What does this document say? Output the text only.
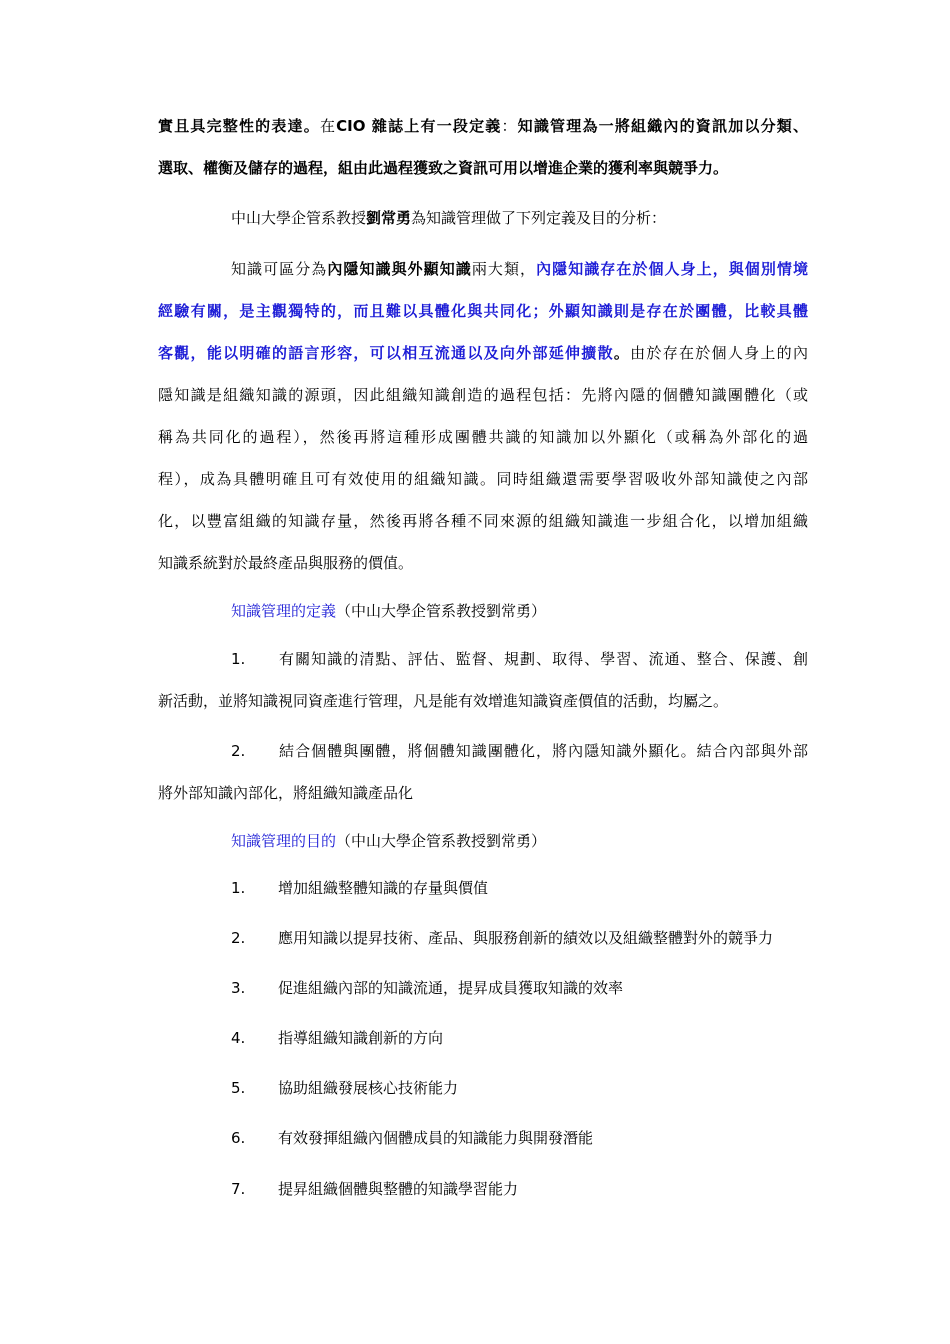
實且具完整性的表達。在CIO 雜誌上有一段定義：知識管理為一將組織內的資訊加以分類、
選取、權衡及儲存的過程，組由此過程獲致之資訊可用以增進企業的獲利率與競爭力。
中山大學企管系教授劉常勇為知識管理做了下列定義及目的分析：
知識可區分為內隱知識與外顯知識兩大類，內隱知識存在於個人身上，與個別情境
經驗有關，是主觀獨特的，而且難以具體化與共同化；外顯知識則是存在於團體，比較具體
客觀，能以明確的語言形容，可以相互流通以及向外部延伸擴散。由於存在於個人身上的內
隱知識是組織知識的源頭，因此組織知識創造的過程包括：先將內隱的個體知識團體化（或
稱為共同化的過程），然後再將這種形成團體共識的知識加以外顯化（或稱為外部化的過
程），成為具體明確且可有效使用的組織知識。同時組織還需要學習吸收外部知識使之內部
化，以豐富組織的知識存量，然後再將各種不同來源的組織知識進一步組合化，以增加組織
知識系統對於最終產品與服務的價值。
知識管理的定義（中山大學企管系教授劉常勇）
1. 有關知識的清點、評估、監督、規劃、取得、學習、流通、整合、保護、創
新活動，並將知識視同資產進行管理，凡是能有效增進知識資產價值的活動，均屬之。
2. 結合個體與團體，將個體知識團體化，將內隱知識外顯化。結合內部與外部
將外部知識內部化，將組織知識產品化
知識管理的目的（中山大學企管系教授劉常勇）
1. 增加組織整體知識的存量與價值
2. 應用知識以提昇技術、產品、與服務創新的績效以及組織整體對外的競爭力
3. 促進組織內部的知識流通，提昇成員獲取知識的效率
4. 指導組織知識創新的方向
5. 協助組織發展核心技術能力
6. 有效發揮組織內個體成員的知識能力與開發潛能
7. 提昇組織個體與整體的知識學習能力
